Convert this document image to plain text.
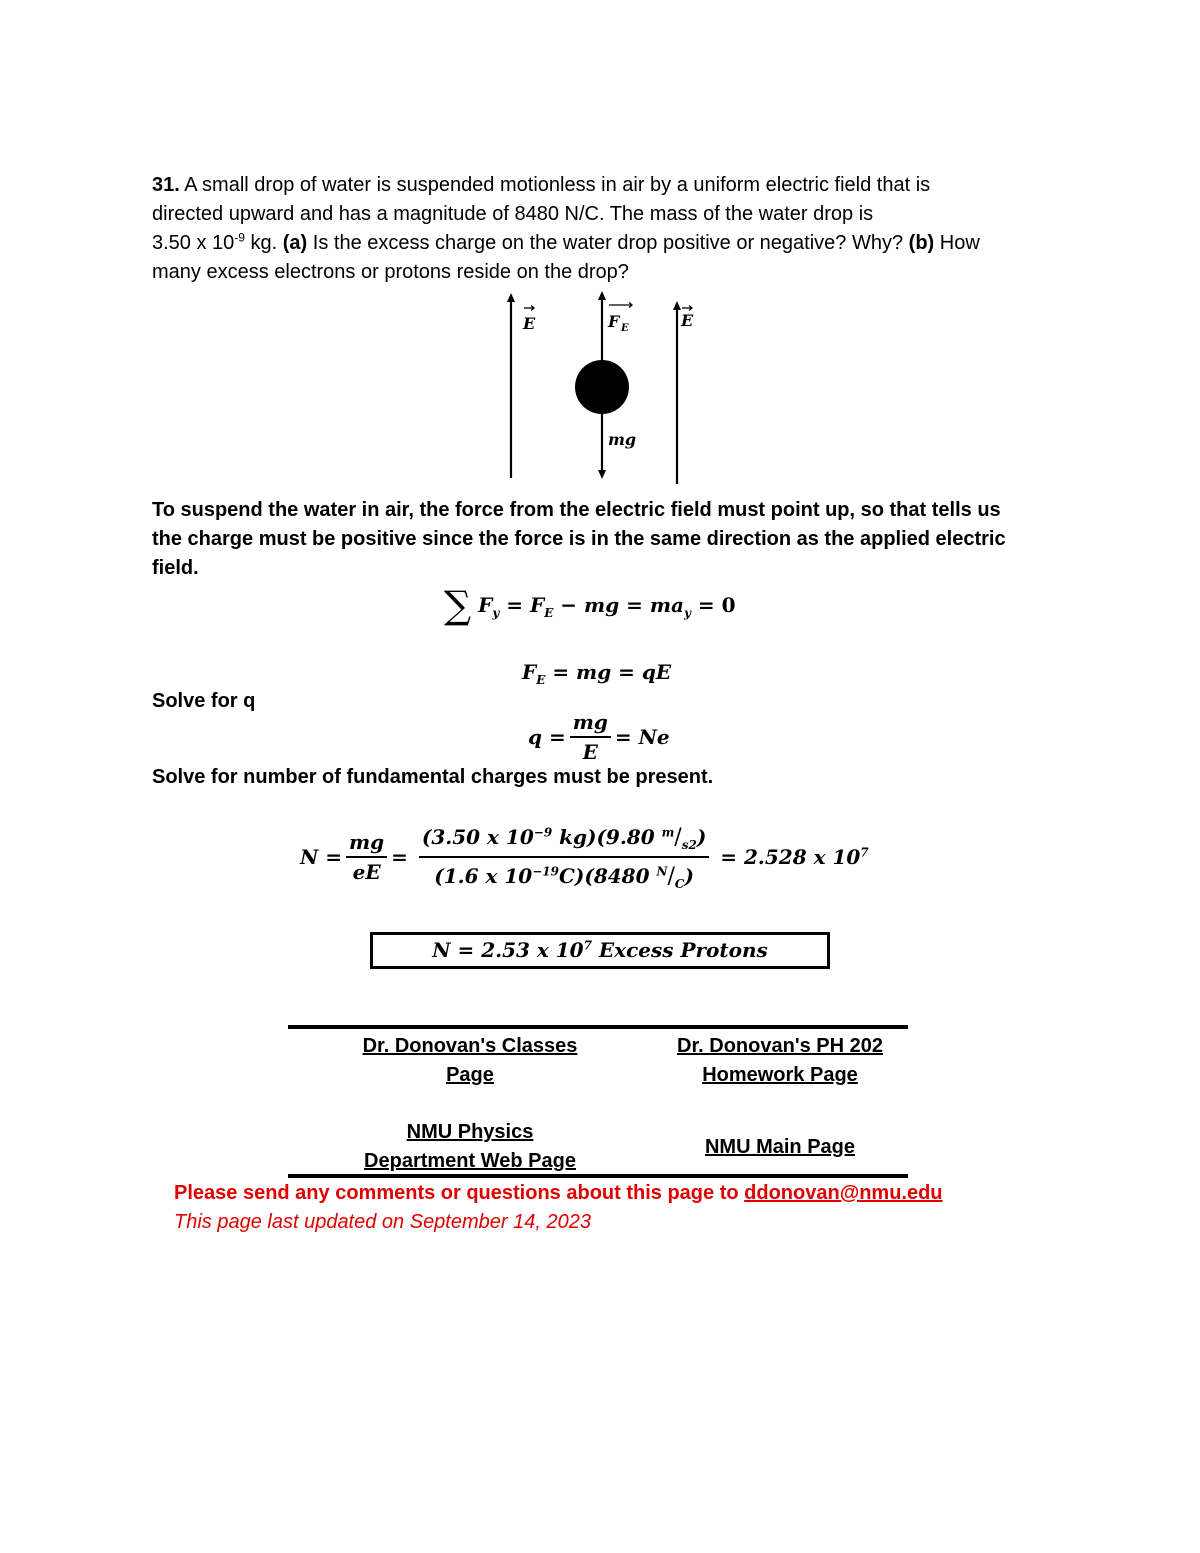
31. A small drop of water is suspended motionless in air by a uniform electric field that is
directed upward and has a magnitude of 8480 N/C. The mass of the water drop is
3.50 x $10^{-9}$ kg. (a) Is the excess charge on the water drop positive or negative? Why? (b) How
many excess electrons or protons reside on the drop?
E	F E	E
mg
To suspend the water in air, the force from the electric field must point up, so that tells us
the charge must be positive since the force is in the same direction as the applied electric
field.
∑ $F_y = F_E$ − mg = $ma_y = 0$
$F_E$ = mg = qE
Solve for q
$q = \frac{mg}{E} = Ne$
Solve for number of fundamental charges must be present.
$N = \frac{mg}{eE} = \frac{(3.50 x 10^{-9} kg)(9.80 ^m/_{s2})}{(1.6 x 10^{-19}C)(8480 ^N/_C)} = 2.528$ x $10^7$
N = 2.53 x $10^7$ Excess Protons
Dr. Donovan's Classes
Page
Dr. Donovan's PH 202
Homework Page
NMU Physics
Department Web Page
NMU Main Page
Please send any comments or questions about this page to ddonovan@nmu.edu
This page last updated on September 14, 2023
